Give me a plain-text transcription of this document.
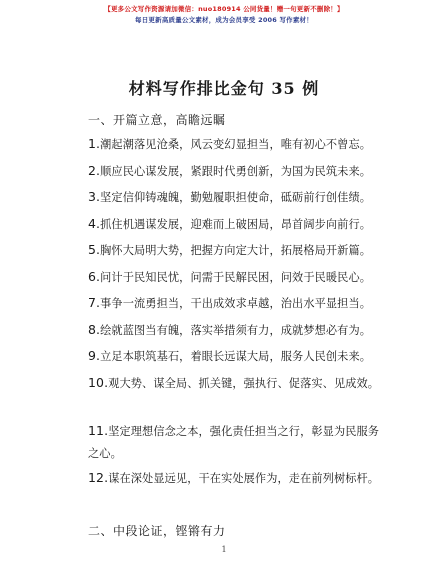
【更多公文写作资源请加微信：nuo180914 公同货量！赠一句更新不删除！】
每日更新高质量公文素材，成为会员享受 2006 写作素材！
材料写作排比金句 35 例
一、开篇立意，高瞻远瞩
1.潮起潮落见沧桑，风云变幻显担当，唯有初心不曾忘。
2.顺应民心谋发展，紧跟时代勇创新，为国为民筑未来。
3.坚定信仰铸魂魄，勤勉履职担使命，砥砺前行创佳绩。
4.抓住机遇谋发展，迎难而上破困局，昂首阔步向前行。
5.胸怀大局明大势，把握方向定大计，拓展格局开新篇。
6.问计于民知民忧，问需于民解民困，问效于民暖民心。
7.事争一流勇担当，干出成效求卓越，治出水平显担当。
8.绘就蓝图当有魄，落实举措须有力，成就梦想必有为。
9.立足本职筑基石，着眼长远谋大局，服务人民创未来。
10.观大势、谋全局、抓关键，强执行、促落实、见成效。
11.坚定理想信念之本，强化责任担当之行，彰显为民服务之心。
12.谋在深处显远见，干在实处展作为，走在前列树标杆。
二、中段论证，铿锵有力
1
